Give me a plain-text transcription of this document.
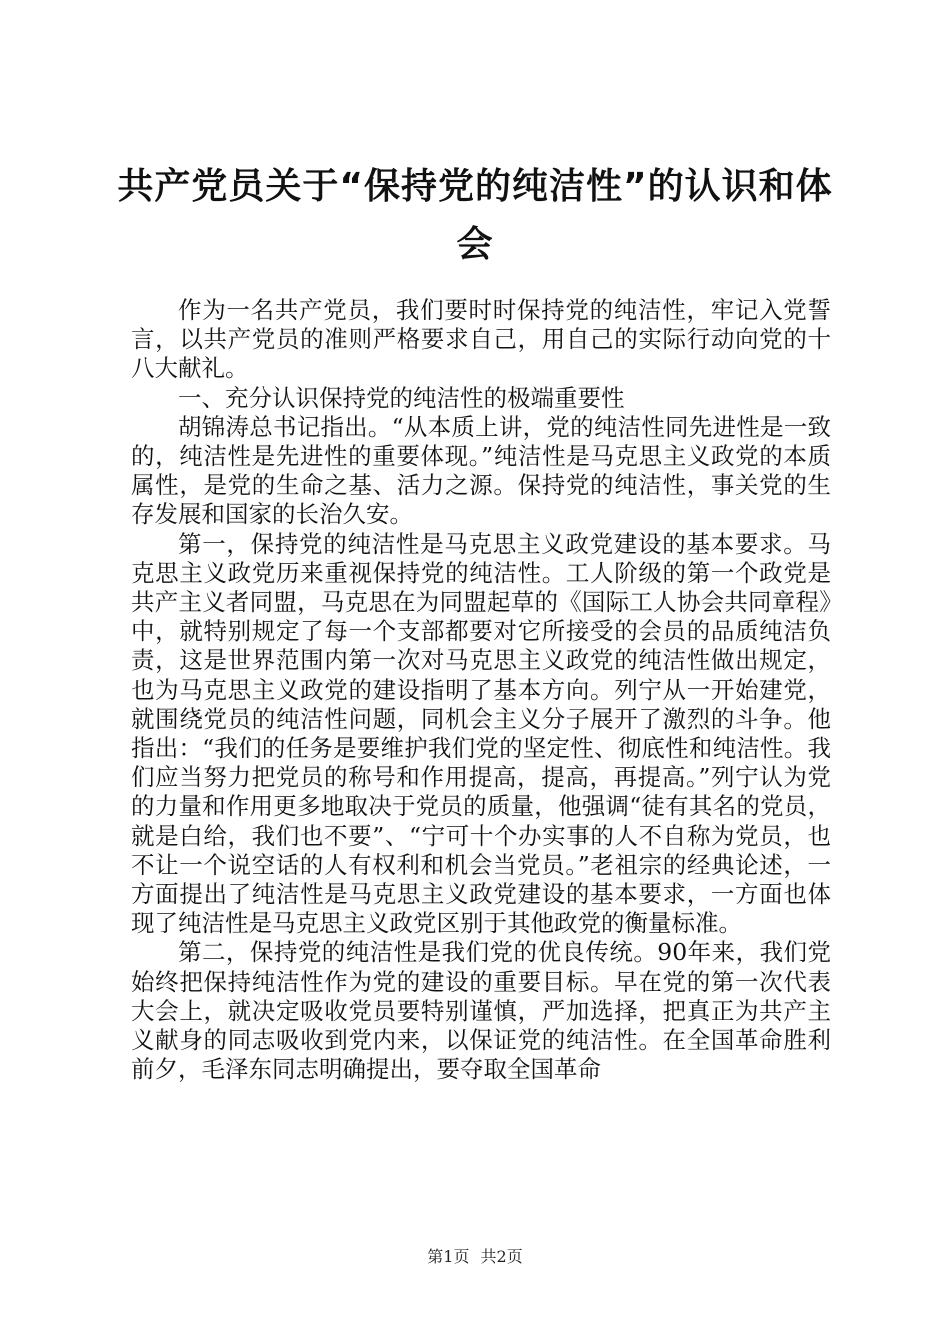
共产党员关于“保持党的纯洁性”的认识和体会

作为一名共产党员，我们要时时保持党的纯洁性，牢记入党誓言，以共产党员的准则严格要求自己，用自己的实际行动向党的十八大献礼。

一、充分认识保持党的纯洁性的极端重要性

胡锦涛总书记指出。“从本质上讲，党的纯洁性同先进性是一致的，纯洁性是先进性的重要体现。”纯洁性是马克思主义政党的本质属性，是党的生命之基、活力之源。保持党的纯洁性，事关党的生存发展和国家的长治久安。

第一，保持党的纯洁性是马克思主义政党建设的基本要求。马克思主义政党历来重视保持党的纯洁性。工人阶级的第一个政党是共产主义者同盟，马克思在为同盟起草的《国际工人协会共同章程》中，就特别规定了每一个支部都要对它所接受的会员的品质纯洁负责，这是世界范围内第一次对马克思主义政党的纯洁性做出规定，也为马克思主义政党的建设指明了基本方向。列宁从一开始建党，就围绕党员的纯洁性问题，同机会主义分子展开了激烈的斗争。他指出：“我们的任务是要维护我们党的坚定性、彻底性和纯洁性。我们应当努力把党员的称号和作用提高，提高，再提高。”列宁认为党的力量和作用更多地取决于党员的质量，他强调“徒有其名的党员，就是白给，我们也不要”、“宁可十个办实事的人不自称为党员，也不让一个说空话的人有权利和机会当党员。”老祖宗的经典论述，一方面提出了纯洁性是马克思主义政党建设的基本要求，一方面也体现了纯洁性是马克思主义政党区别于其他政党的衡量标准。

第二，保持党的纯洁性是我们党的优良传统。90年来，我们党始终把保持纯洁性作为党的建设的重要目标。早在党的第一次代表大会上，就决定吸收党员要特别谨慎，严加选择，把真正为共产主义献身的同志吸收到党内来，以保证党的纯洁性。在全国革命胜利前夕，毛泽东同志明确提出，要夺取全国革命

第1页 共2页
